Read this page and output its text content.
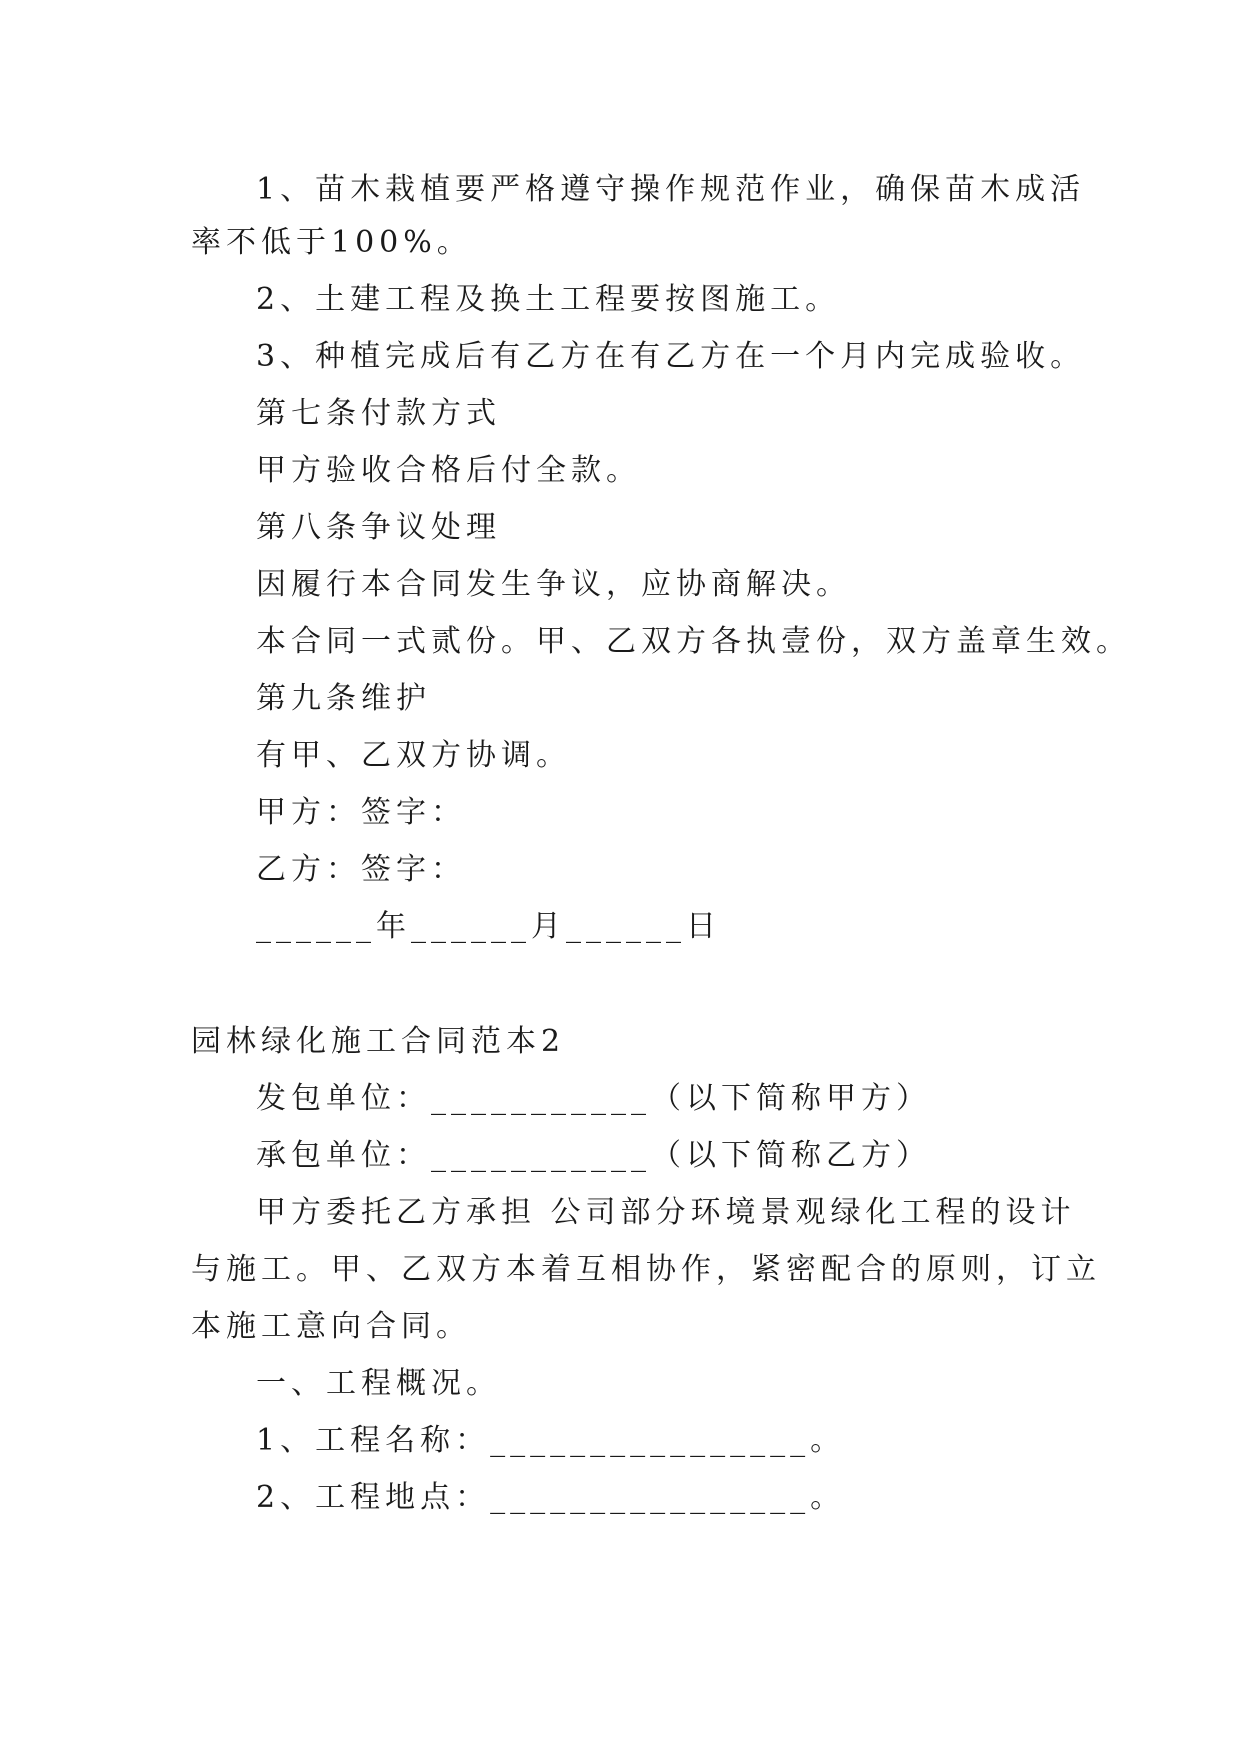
1、苗木栽植要严格遵守操作规范作业，确保苗木成活
率不低于100%。
2、土建工程及换土工程要按图施工。
3、种植完成后有乙方在有乙方在一个月内完成验收。
第七条付款方式
甲方验收合格后付全款。
第八条争议处理
因履行本合同发生争议，应协商解决。
本合同一式贰份。甲、乙双方各执壹份，双方盖章生效。
第九条维护
有甲、乙双方协调。
甲方：签字：
乙方：签字：
______年______月______日
园林绿化施工合同范本2
发包单位：___________（以下简称甲方）
承包单位：___________（以下简称乙方）
甲方委托乙方承担 公司部分环境景观绿化工程的设计
与施工。甲、乙双方本着互相协作，紧密配合的原则，订立
本施工意向合同。
一、工程概况。
1、工程名称：________________。
2、工程地点：________________。
